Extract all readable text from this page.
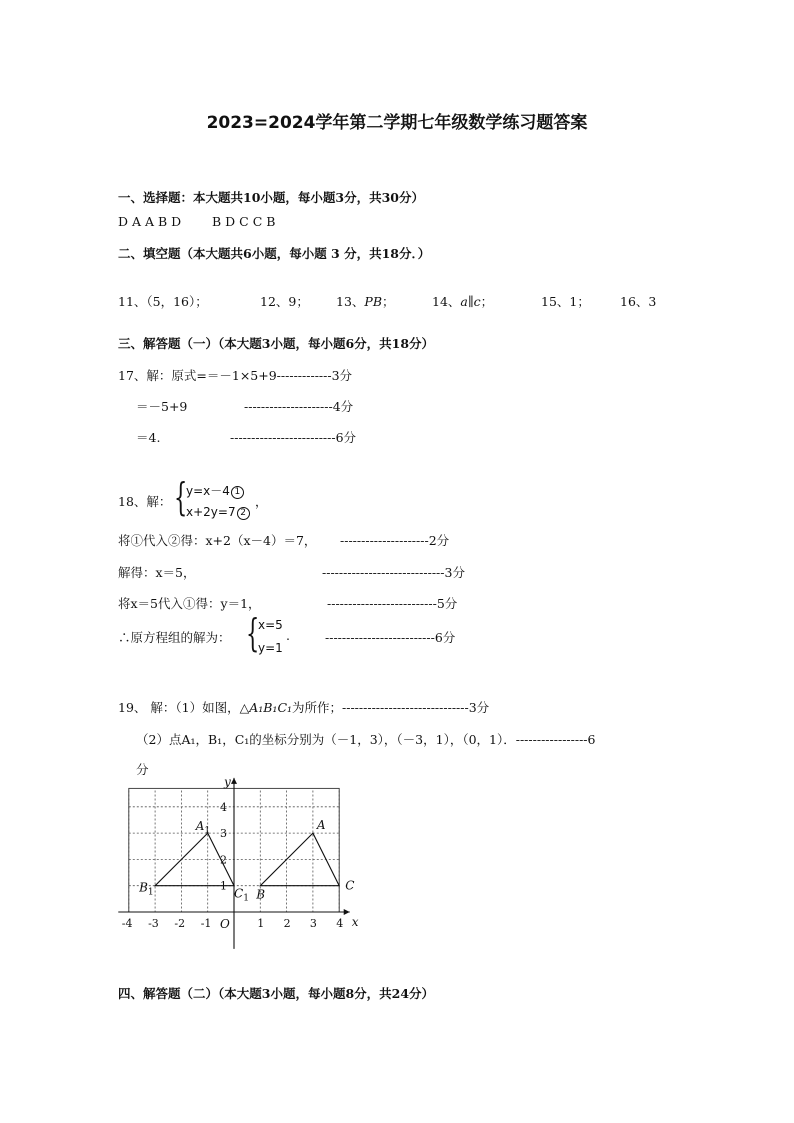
2023=2024学年第二学期七年级数学练习题答案
一、选择题：本大题共10小题，每小题3分，共30分）
D A A B D B D C C B
二、填空题（本大题共6小题，每小题 3 分，共18分．）
11、（5，16）；	12、9； 13、PB；	14、a∥c；	15、1； 16、3
三、解答题（一）（本大题3小题，每小题6分，共18分）
17、解：原式=＝－1×5+9-------------3分
＝－5+9	---------------------4分
＝4.	-------------------------6分
18、解： {
y=x－4 1
x+2y=7 2
，
将①代入②得：x+2（x－4）＝7， ---------------------2分
解得：x＝5，	-----------------------------3分
将x＝5代入①得：y＝1，	--------------------------5分
∴原方程组的解为： {
x=5
y=1
.	--------------------------6分
19、 解：（1）如图，△A₁B₁C₁为所作；------------------------------3分
（2）点A₁，B₁，C₁的坐标分别为（－1，3），（－3，1），（0，1）．-----------------6
分
-4 -3 -2 -1	1 2 3 4
1
2
3
4
x
y
O
A
B
C
$A_1$
$B_1$	$C_1$
四、解答题（二）（本大题3小题，每小题8分，共24分）
